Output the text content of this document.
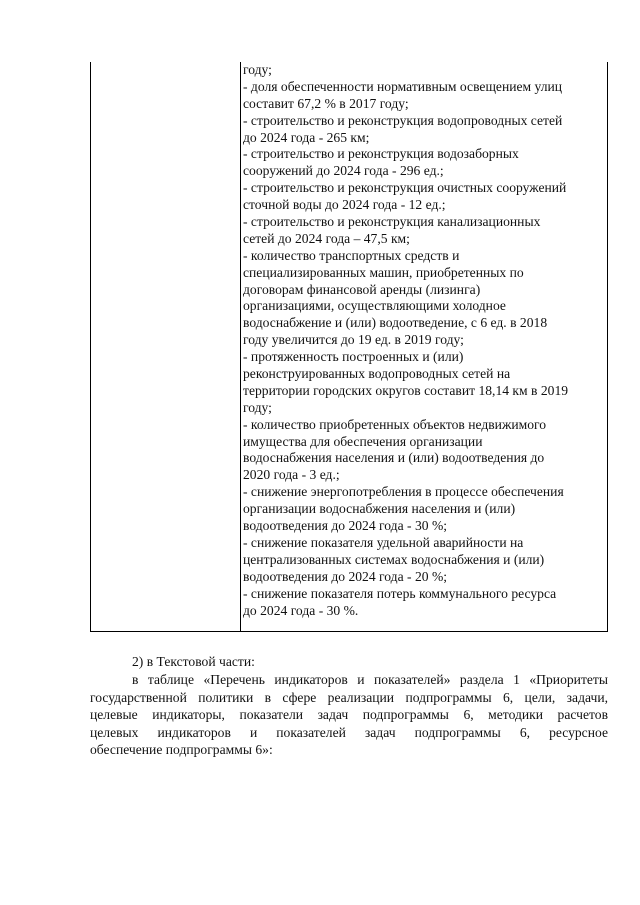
году;
- доля обеспеченности нормативным освещением улиц
составит 67,2 % в 2017 году;
- строительство и реконструкция водопроводных сетей
до 2024 года - 265 км;
- строительство и реконструкция водозаборных
сооружений до 2024 года - 296 ед.;
- строительство и реконструкция очистных сооружений
сточной воды до 2024 года - 12 ед.;
- строительство и реконструкция канализационных
сетей до 2024 года – 47,5 км;
- количество транспортных средств и
специализированных машин, приобретенных по
договорам финансовой аренды (лизинга)
организациями, осуществляющими холодное
водоснабжение и (или) водоотведение, с 6 ед. в 2018
году увеличится до 19 ед. в 2019 году;
- протяженность построенных и (или)
реконструированных водопроводных сетей на
территории городских округов составит 18,14 км в 2019
году;
- количество приобретенных объектов недвижимого
имущества для обеспечения организации
водоснабжения населения и (или) водоотведения до
2020 года - 3 ед.;
- снижение энергопотребления в процессе обеспечения
организации водоснабжения населения и (или)
водоотведения до 2024 года - 30 %;
- снижение показателя удельной аварийности на
централизованных системах водоснабжения и (или)
водоотведения до 2024 года - 20 %;
- снижение показателя потерь коммунального ресурса
до 2024 года - 30 %.
2) в Текстовой части:
в таблице «Перечень индикаторов и показателей» раздела 1 «Приоритеты
государственной политики в сфере реализации подпрограммы 6, цели, задачи,
целевые индикаторы, показатели задач подпрограммы 6, методики расчетов
целевых индикаторов и показателей задач подпрограммы 6, ресурсное
обеспечение подпрограммы 6»:
